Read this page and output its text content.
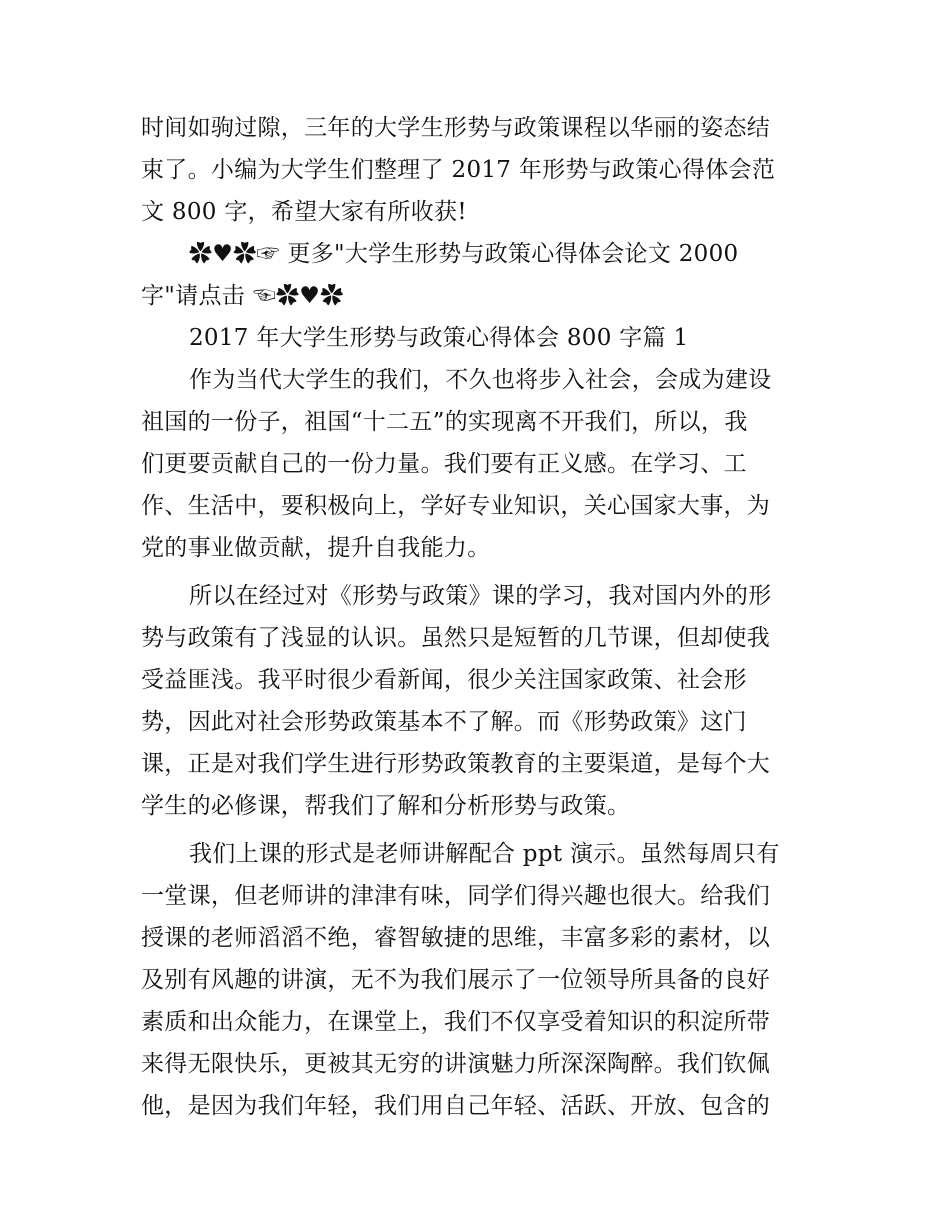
时间如驹过隙，三年的大学生形势与政策课程以华丽的姿态结
束了。小编为大学生们整理了 2017 年形势与政策心得体会范
文 800 字，希望大家有所收获!
✿♥✿☞ 更多"大学生形势与政策心得体会论文 2000
字"请点击 ☜✿♥✿
2017 年大学生形势与政策心得体会 800 字篇 1
作为当代大学生的我们，不久也将步入社会，会成为建设
祖国的一份子，祖国“十二五”的实现离不开我们，所以，我
们更要贡献自己的一份力量。我们要有正义感。在学习、工
作、生活中，要积极向上，学好专业知识，关心国家大事，为
党的事业做贡献，提升自我能力。
所以在经过对《形势与政策》课的学习，我对国内外的形
势与政策有了浅显的认识。虽然只是短暂的几节课，但却使我
受益匪浅。我平时很少看新闻，很少关注国家政策、社会形
势，因此对社会形势政策基本不了解。而《形势政策》这门
课，正是对我们学生进行形势政策教育的主要渠道，是每个大
学生的必修课，帮我们了解和分析形势与政策。
我们上课的形式是老师讲解配合 ppt 演示。虽然每周只有
一堂课，但老师讲的津津有味，同学们得兴趣也很大。给我们
授课的老师滔滔不绝，睿智敏捷的思维，丰富多彩的素材，以
及别有风趣的讲演，无不为我们展示了一位领导所具备的良好
素质和出众能力，在课堂上，我们不仅享受着知识的积淀所带
来得无限快乐，更被其无穷的讲演魅力所深深陶醉。我们钦佩
他，是因为我们年轻，我们用自己年轻、活跃、开放、包含的
